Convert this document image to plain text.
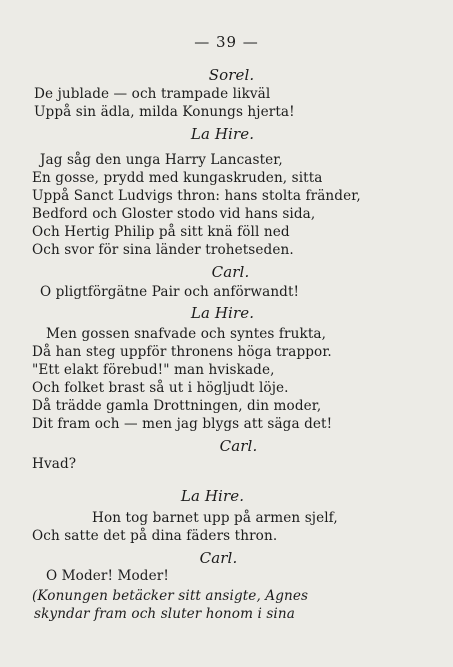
— 39 —
Sorel.
De jublade — och trampade likväl
Uppå sin ädla, milda Konungs hjerta!
La Hire.
Jag såg den unga Harry Lancaster,
En gosse, prydd med kungaskruden, sitta
Uppå Sanct Ludvigs thron: hans stolta fränder,
Bedford och Gloster stodo vid hans sida,
Och Hertig Philip på sitt knä föll ned
Och svor för sina länder trohetseden.
Carl.
O pligtförgätne Pair och anförwandt!
La Hire.
Men gossen snafvade och syntes frukta,
Då han steg uppför thronens höga trappor.
"Ett elakt förebud!" man hviskade,
Och folket brast så ut i högljudt löje.
Då trädde gamla Drottningen, din moder,
Dit fram och — men jag blygs att säga det!
Carl.
Hvad?
La Hire.
Hon tog barnet upp på armen sjelf,
Och satte det på dina fäders thron.
Carl.
O Moder! Moder!
(Konungen betäcker sitt ansigte, Agnes
skyndar fram och sluter honom i sina
